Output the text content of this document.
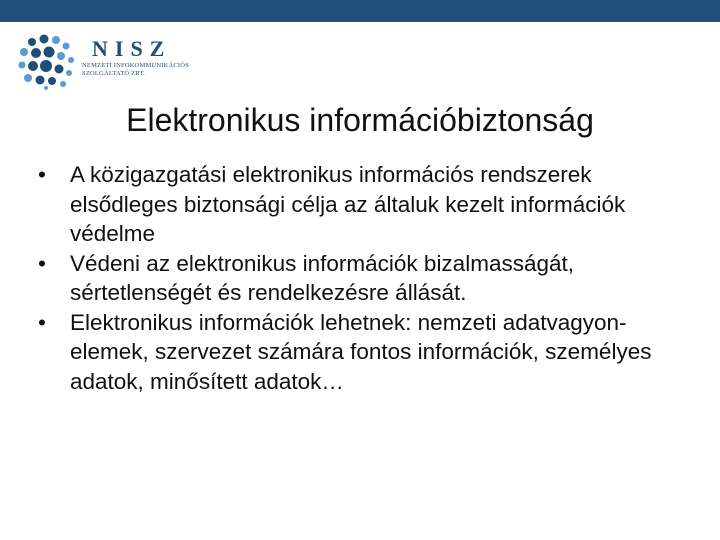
NISZ
NEMZETI INFOKOMMUNIKÁCIÓS
SZOLGÁLTATÓ ZRT.
Elektronikus információbiztonság
•	A közigazgatási elektronikus információs rendszerek elsődleges biztonsági célja az általuk kezelt információk védelme
•	Védeni az elektronikus információk bizalmasságát, sértetlenségét és rendelkezésre állását.
•	Elektronikus információk lehetnek: nemzeti adatvagyon-elemek, szervezet számára fontos információk, személyes adatok, minősített adatok…
